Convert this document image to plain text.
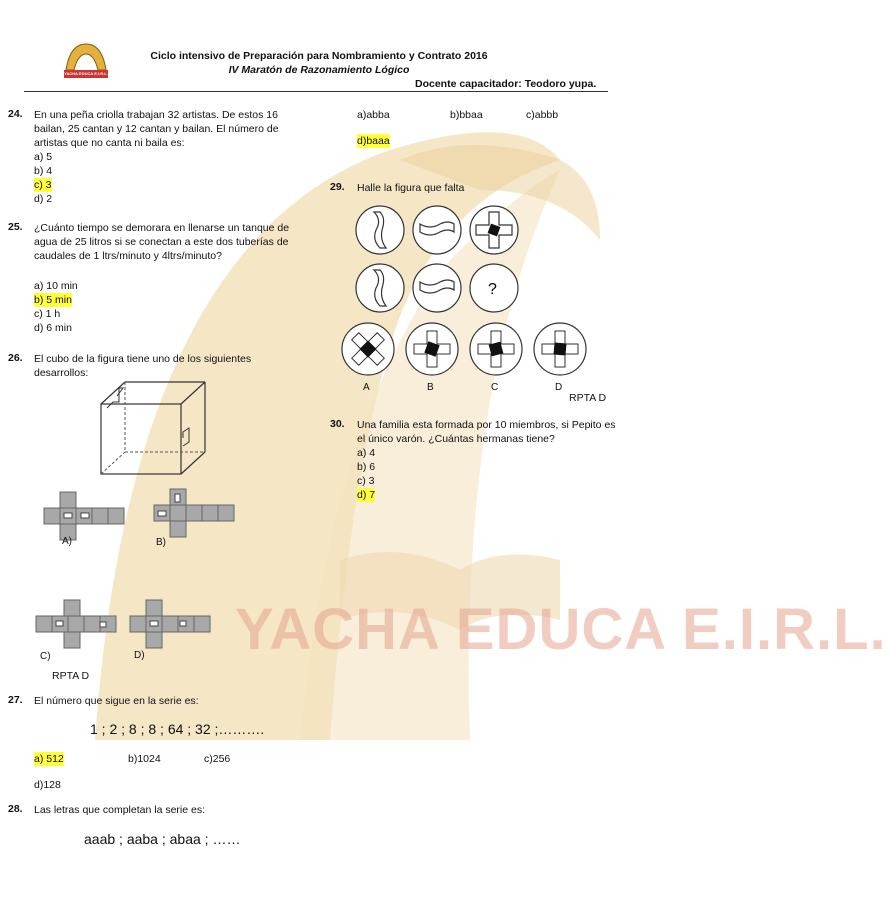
YACHA EDUCA E.I.R.L.
YACHA EDUCA E.I.R.L.
Ciclo intensivo de Preparación para Nombramiento y Contrato 2016
IV Maratón de Razonamiento Lógico
Docente capacitador: Teodoro yupa.
24. En una peña criolla trabajan 32 artistas. De estos 16
bailan, 25 cantan y 12 cantan y bailan. El número de
artistas que no canta ni baila es:
a) 5
b) 4
c) 3
d) 2
25. ¿Cuánto tiempo se demorara en llenarse un tanque de
agua de 25 litros si se conectan a este dos tuberías de
caudales de 1 ltrs/minuto y 4ltrs/minuto?
a) 10 min
b) 5 min
c) 1 h
d) 6 min
26. El cubo de la figura tiene uno de los siguientes
desarrollos:
A)	B)
C)	D)
RPTA D
27. El número que sigue en la serie es:
1 ; 2 ; 8 ; 8 ; 64 ; 32 ;……….
a) 512	b)1024	c)256
d)128
28. Las letras que completan la serie es:
aaab ; aaba ; abaa ; ……
a)abba	b)bbaa	c)abbb
d)baaa
29. Halle la figura que falta
?
A	B	C	D
RPTA D
30. Una familia esta formada por 10 miembros, si Pepito es
el único varón. ¿Cuántas hermanas tiene?
a) 4
b) 6
c) 3
d) 7
